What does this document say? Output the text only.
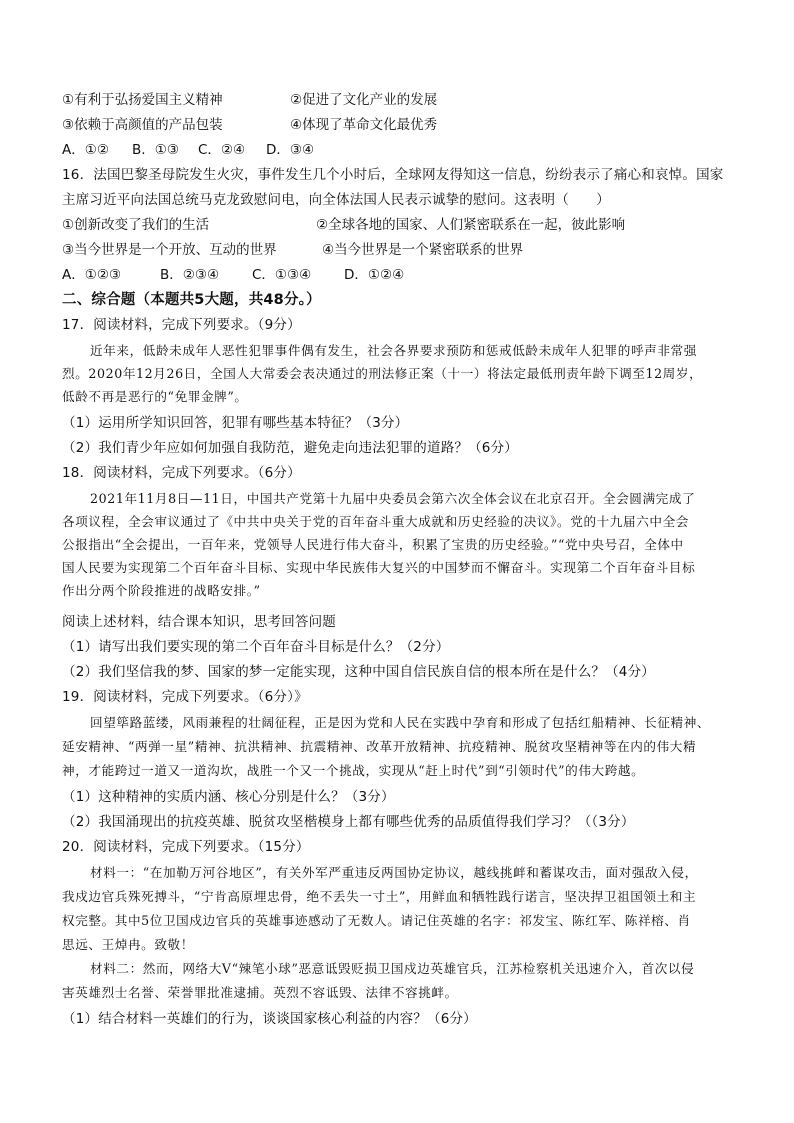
①有利于弘扬爱国主义精神	②促进了文化产业的发展
③依赖于高颜值的产品包装	④体现了革命文化最优秀
A．①② B．①③ C．②④ D．③④
16．法国巴黎圣母院发生火灾，事件发生几个小时后，全球网友得知这一信息，纷纷表示了痛心和哀悼。国家
主席习近平向法国总统马克龙致慰问电，向全体法国人民表示诚挚的慰问。这表明（　　）
①创新改变了我们的生活	②全球各地的国家、人们紧密联系在一起，彼此影响
③当今世界是一个开放、互动的世界	④当今世界是一个紧密联系的世界
A．①②③	B．②③④ C．①③④ D．①②④
二、综合题（本题共5大题，共48分。）
17．阅读材料，完成下列要求。（9分）
近年来，低龄未成年人恶性犯罪事件偶有发生，社会各界要求预防和惩戒低龄未成年人犯罪的呼声非常强
烈。2020年12月26日，全国人大常委会表决通过的刑法修正案（十一）将法定最低刑责年龄下调至12周岁，
低龄不再是恶行的“免罪金牌”。
（1）运用所学知识回答，犯罪有哪些基本特征？（3分）
（2）我们青少年应如何加强自我防范，避免走向违法犯罪的道路？（6分）
18．阅读材料，完成下列要求。（6分）
2021年11月8日—11日，中国共产党第十九届中央委员会第六次全体会议在北京召开。全会圆满完成了
各项议程，全会审议通过了《中共中央关于党的百年奋斗重大成就和历史经验的决议》。党的十九届六中全会
公报指出“全会提出，一百年来，党领导人民进行伟大奋斗，积累了宝贵的历史经验。”“党中央号召，全体中
国人民要为实现第二个百年奋斗目标、实现中华民族伟大复兴的中国梦而不懈奋斗。实现第二个百年奋斗目标
作出分两个阶段推进的战略安排。”
阅读上述材料，结合课本知识，思考回答问题
（1）请写出我们要实现的第二个百年奋斗目标是什么？（2分）
（2）我们坚信我的梦、国家的梦一定能实现，这种中国自信民族自信的根本所在是什么？（4分）
19．阅读材料，完成下列要求。（6分）》
回望筚路蓝缕，风雨兼程的壮阔征程，正是因为党和人民在实践中孕育和形成了包括红船精神、长征精神、
延安精神、“两弹一星”精神、抗洪精神、抗震精神、改革开放精神、抗疫精神、脱贫攻坚精神等在内的伟大精
神，才能跨过一道又一道沟坎，战胜一个又一个挑战，实现从“赶上时代”到“引领时代”的伟大跨越。
（1）这种精神的实质内涵、核心分别是什么？（3分）
（2）我国涌现出的抗疫英雄、脱贫攻坚楷模身上都有哪些优秀的品质值得我们学习？（（3分）
20．阅读材料，完成下列要求。（15分）
材料一：“在加勒万河谷地区”，有关外军严重违反两国协定协议，越线挑衅和蓄谋攻击，面对强敌入侵，
我戍边官兵殊死搏斗，“宁肯高原埋忠骨，绝不丢失一寸土”，用鲜血和牺牲践行诺言，坚决捍卫祖国领土和主
权完整。其中5位卫国戍边官兵的英雄事迹感动了无数人。请记住英雄的名字：祁发宝、陈红军、陈祥榕、肖
思远、王焯冉。致敬！
材料二：然而，网络大V“辣笔小球”恶意诋毁贬损卫国戍边英雄官兵，江苏检察机关迅速介入，首次以侵
害英雄烈士名誉、荣誉罪批准逮捕。英烈不容诋毁、法律不容挑衅。
（1）结合材料一英雄们的行为，谈谈国家核心利益的内容？（6分）
